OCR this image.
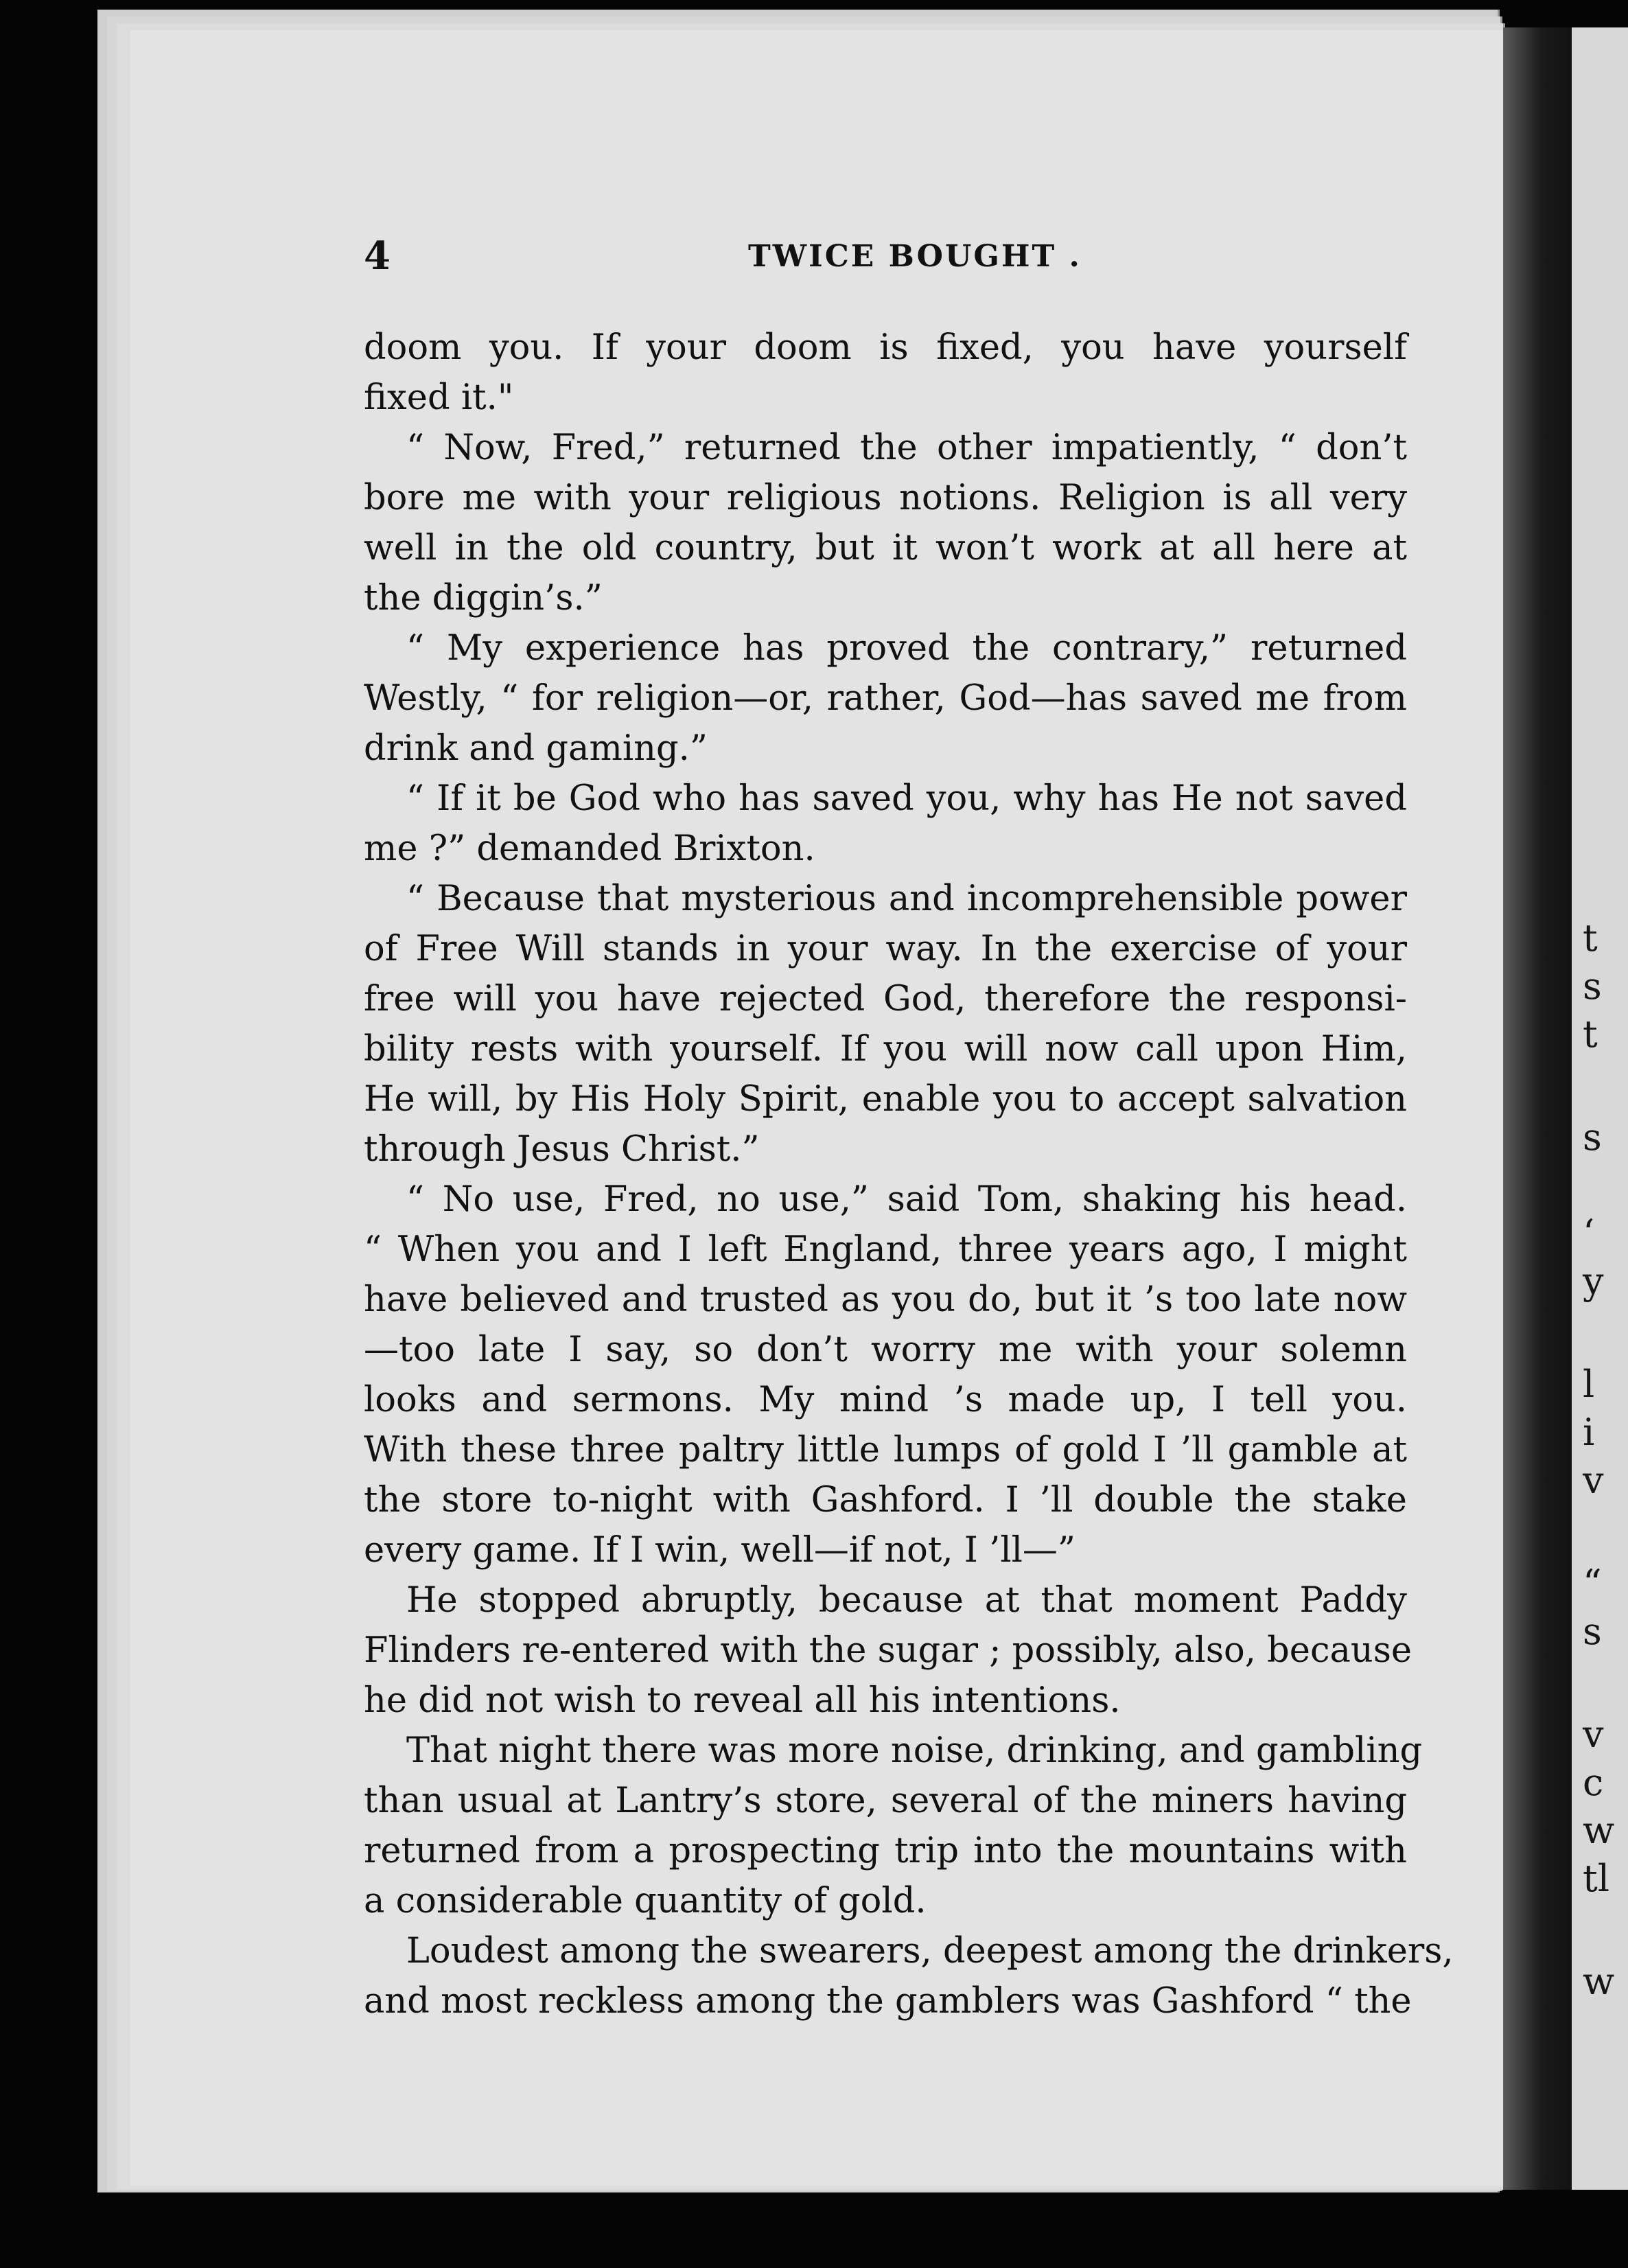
t
s
t
s
‘
y
l
i
v
“
s
v
c
w
tl
w
4	TWICE BOUGHT .

doom you. If your doom is fixed, you have yourself
fixed it."

“ Now, Fred,” returned the other impatiently, “ don’t
bore me with your religious notions. Religion is all very
well in the old country, but it won’t work at all here at
the diggin’s.”

“ My experience has proved the contrary,” returned
Westly, “ for religion—or, rather, God—has saved me from
drink and gaming.”

“ If it be God who has saved you, why has He not saved
me ?” demanded Brixton.

“ Because that mysterious and incomprehensible power
of Free Will stands in your way. In the exercise of your
free will you have rejected God, therefore the responsi-
bility rests with yourself. If you will now call upon Him,
He will, by His Holy Spirit, enable you to accept salvation
through Jesus Christ.”

“ No use, Fred, no use,” said Tom, shaking his head.
“ When you and I left England, three years ago, I might
have believed and trusted as you do, but it ’s too late now
—too late I say, so don’t worry me with your solemn
looks and sermons. My mind ’s made up, I tell you.
With these three paltry little lumps of gold I ’ll gamble at
the store to-night with Gashford. I ’ll double the stake
every game. If I win, well—if not, I ’ll—”

He stopped abruptly, because at that moment Paddy
Flinders re-entered with the sugar ; possibly, also, because
he did not wish to reveal all his intentions.

That night there was more noise, drinking, and gambling
than usual at Lantry’s store, several of the miners having
returned from a prospecting trip into the mountains with
a considerable quantity of gold.

Loudest among the swearers, deepest among the drinkers,
and most reckless among the gamblers was Gashford “ the
